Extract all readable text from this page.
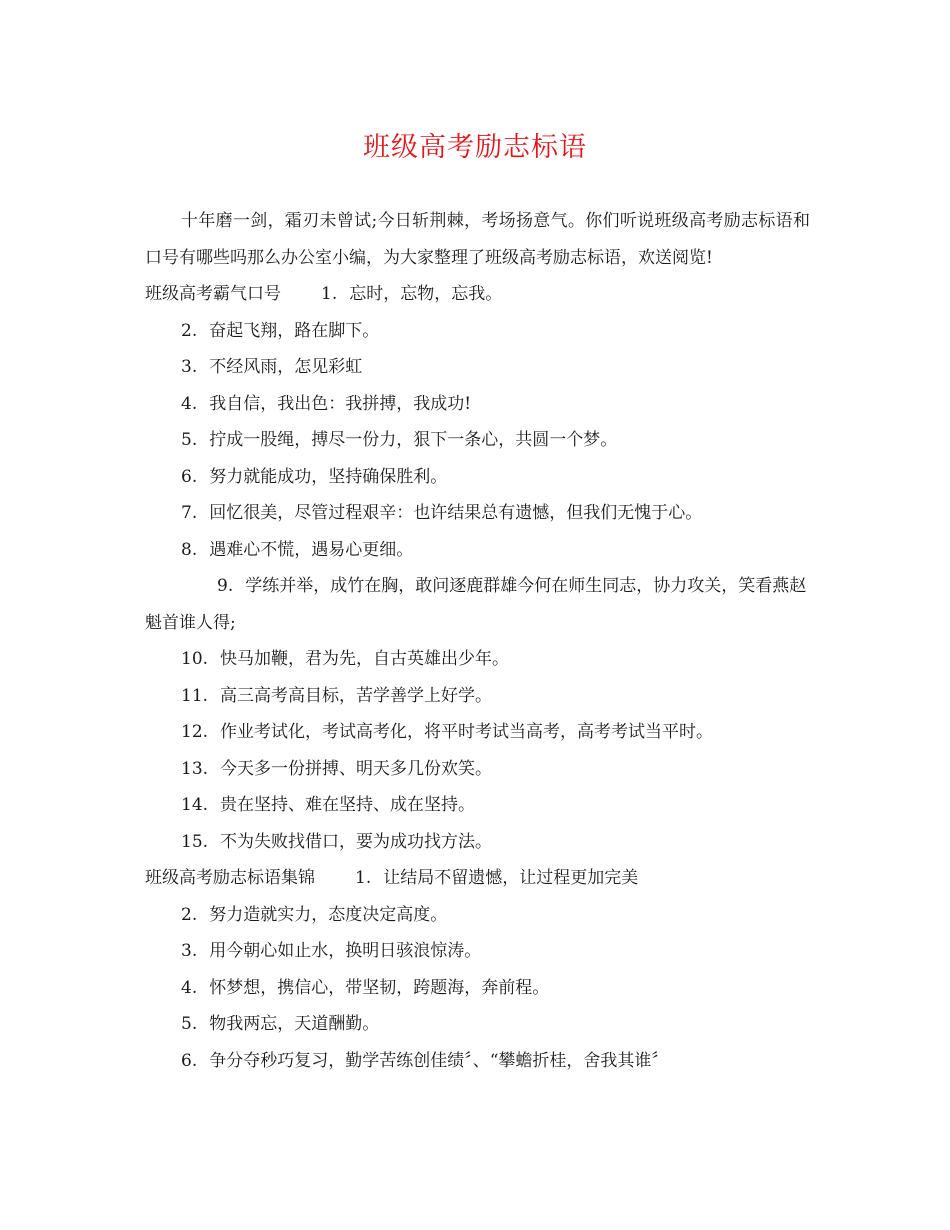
班级高考励志标语

十年磨一剑，霜刃未曾试;今日斩荆棘，考场扬意气。你们听说班级高考励志标语和口号有哪些吗那么办公室小编，为大家整理了班级高考励志标语，欢送阅览!

班级高考霸气口号 1. 忘时，忘物，忘我。

2. 奋起飞翔，路在脚下。

3. 不经风雨，怎见彩虹

4. 我自信，我出色：我拼搏，我成功!

5. 拧成一股绳，搏尽一份力，狠下一条心，共圆一个梦。

6. 努力就能成功，坚持确保胜利。

7. 回忆很美，尽管过程艰辛：也许结果总有遗憾，但我们无愧于心。

8. 遇难心不慌，遇易心更细。

9. 学练并举，成竹在胸，敢问逐鹿群雄今何在师生同志，协力攻关，笑看燕赵魁首谁人得;

10. 快马加鞭，君为先，自古英雄出少年。

11. 高三高考高目标，苦学善学上好学。

12. 作业考试化，考试高考化，将平时考试当高考，高考考试当平时。

13. 今天多一份拼搏、明天多几份欢笑。

14. 贵在坚持、难在坚持、成在坚持。

15. 不为失败找借口，要为成功找方法。

班级高考励志标语集锦 1. 让结局不留遗憾，让过程更加完美

2. 努力造就实力，态度决定高度。

3. 用今朝心如止水，换明日骇浪惊涛。

4. 怀梦想，携信心，带坚韧，跨题海，奔前程。

5. 物我两忘，天道酬勤。

6. 争分夺秒巧复习，勤学苦练创佳绩〞、“攀蟾折桂，舍我其谁〞
